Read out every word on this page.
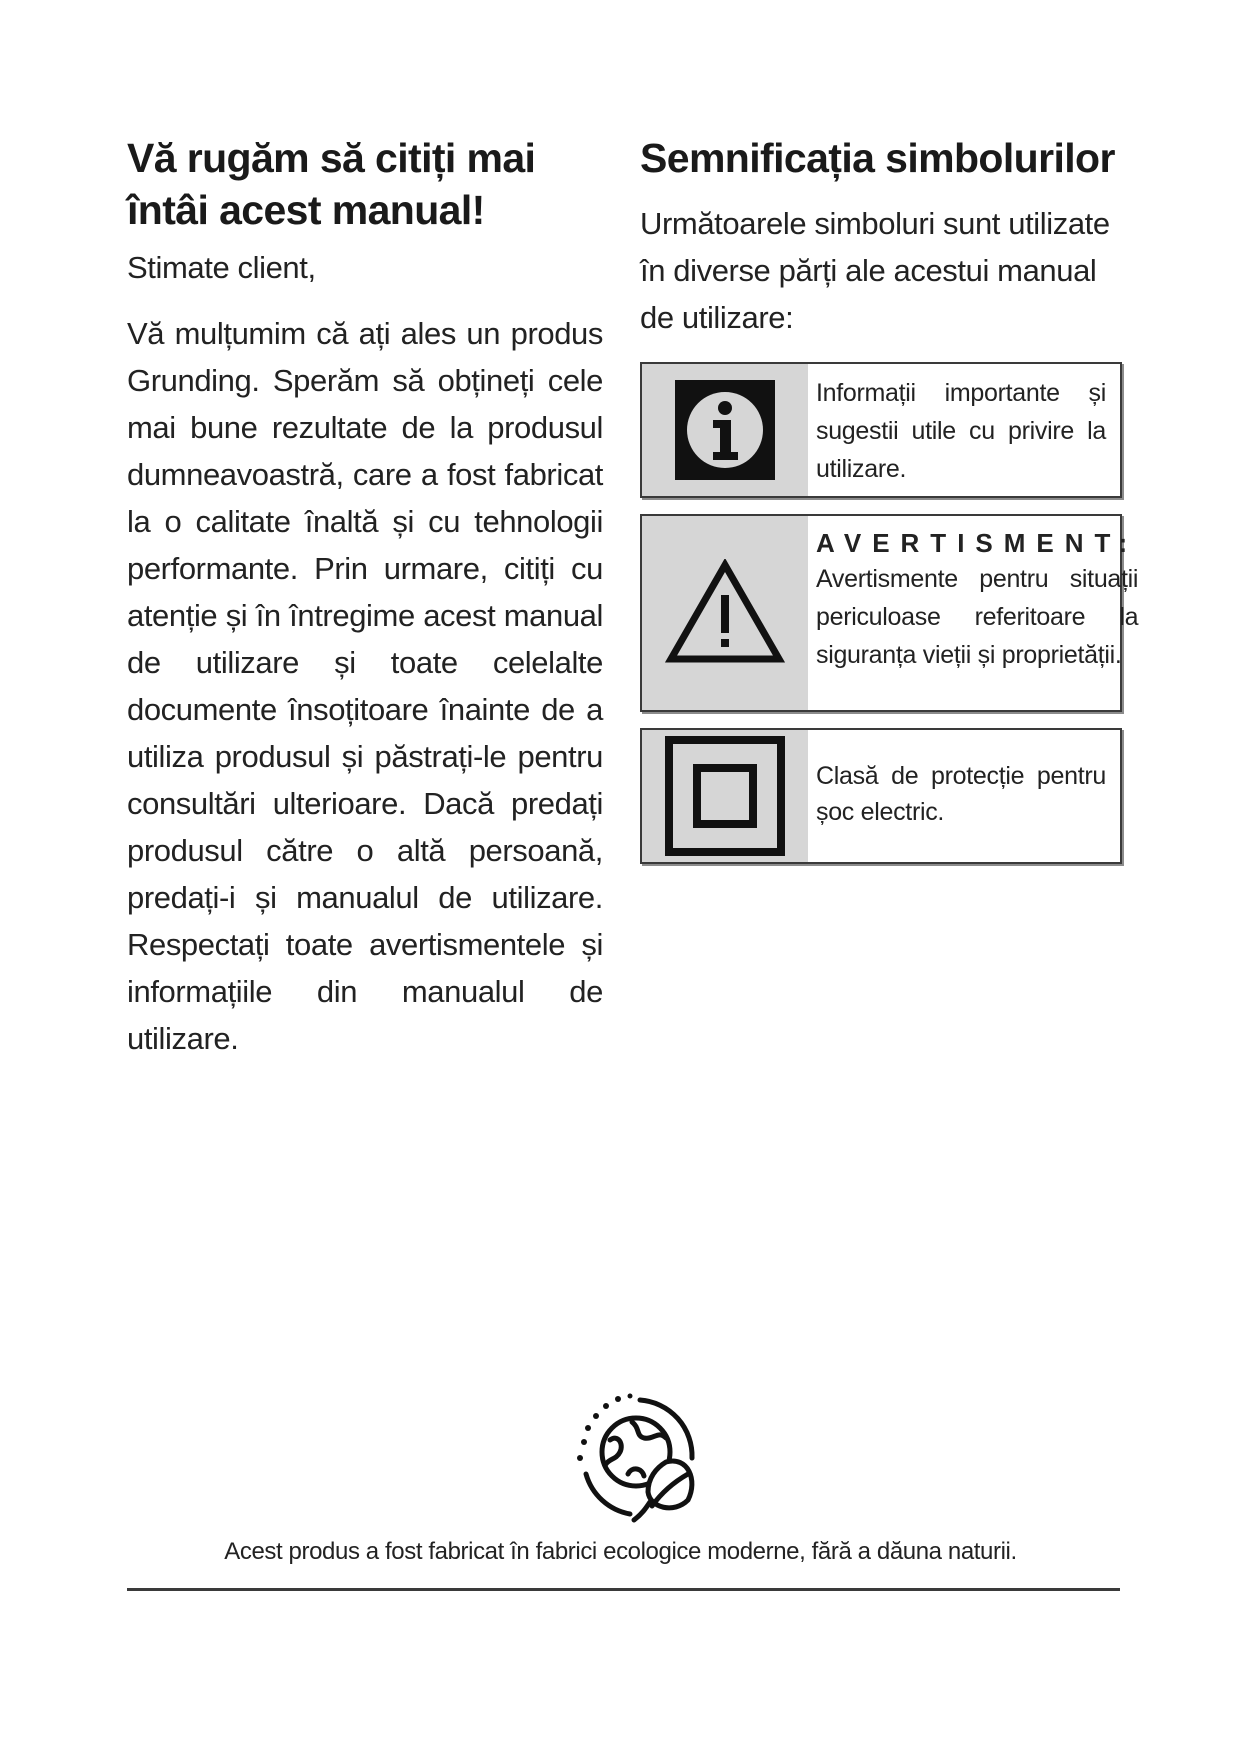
Vă rugăm să citiți mai întâi acest manual!

Stimate client,

Vă mulțumim că ați ales un produs Grunding. Sperăm să obțineți cele mai bune rezultate de la produsul dumneavoastră, care a fost fabricat la o calitate înaltă și cu tehnologii performante. Prin urmare, citiți cu atenție și în întregime acest manual de utilizare și toate celelalte documente însoțitoare înainte de a utiliza produsul și păstrați-le pentru consultări ulterioare. Dacă predați produsul către o altă persoană, predați-i și manualul de utilizare. Respectați toate avertismentele și informațiile din manualul de utilizare.

Semnificația simbolurilor

Următoarele simboluri sunt utilizate în diverse părți ale acestui manual de utilizare:

Informații importante și sugestii utile cu privire la utilizare.
AVERTISMENT:
Avertismente pentru situații periculoase referitoare la siguranța vieții și proprietății.
Clasă de protecție pentru șoc electric.
Acest produs a fost fabricat în fabrici ecologice moderne, fără a dăuna naturii.
